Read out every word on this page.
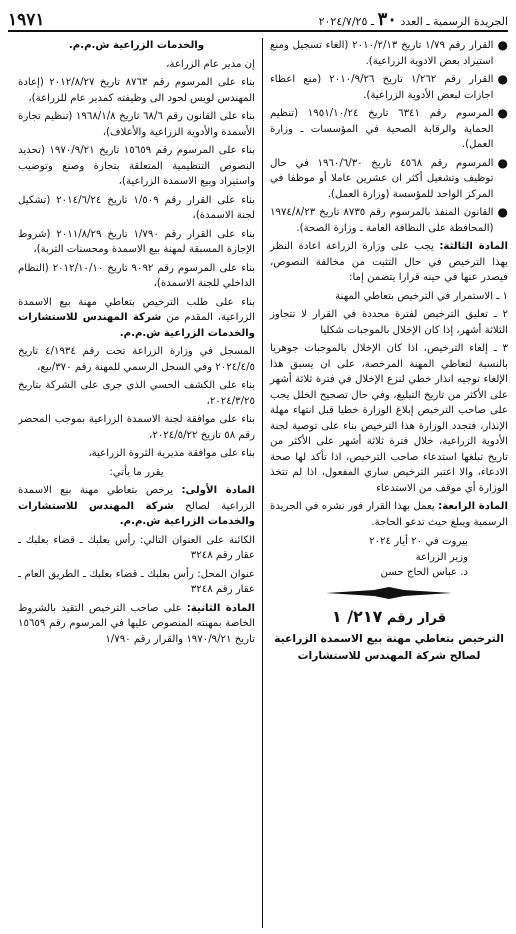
الجريدة الرسمية ـ العدد ٣٠ ـ ٢٠٢٤/٧/٢٥
١٩٧١
●
القرار رقم ١/٧٩ تاريخ ٢٠١٠/٢/١٣ (الغاء تسجيل ومنع استيراد بعض الادوية الزراعية).
●
القرار رقم ١/٢٦٢ تاريخ ٢٠١٠/٩/٢٦ (منع اعطاء اجازات لبعض الأدوية الزراعية).
●
المرسوم رقم ٦٣٤١ تاريخ ١٩٥١/١٠/٢٤ (تنظيم الحماية والرقابة الصحية في المؤسسات ـ وزارة العمل).
●
المرسوم رقم ٤٥٦٨ تاريخ ١٩٦٠/٦/٣٠ في حال توظيف وتشغيل أكثر ان عشرين عاملا أو موظفا في المركز الواحد للمؤسسة (وزارة العمل).
●
القانون المنفذ بالمرسوم رقم ٨٧٣٥ تاريخ ١٩٧٤/٨/٢٣ (المحافظة على النظافة العامة ـ وزارة الصحة).

المادة الثالثة: يجب على وزارة الزراعة اعادة النظر بهذا الترخيص في حال التثبت من مخالفة النصوص، فيصدر عنها في حينه قرارا يتضمن إما:

١ ـ الاستمرار في الترخيص بتعاطي المهنة

٢ ـ تعليق الترخيص لفترة محددة في القرار لا تتجاوز الثلاثة أشهر، إذا كان الإخلال بالموجبات شكليا

٣ ـ إلغاء الترخيص، اذا كان الإخلال بالموجبات جوهريا بالنسبة لتعاطي المهنة المرخصة، على ان يسبق هذا الإلغاء توجيه انذار خطي لنزع الإخلال في فترة ثلاثة أشهر على الأكثر من تاريخ التبليغ، وفي حال تصحيح الخلل يجب على صاحب الترخيص إبلاغ الوزارة خطيا قبل انتهاء مهلة الإنذار، فتجدد الوزارة هذا الترخيص بناء على توصية لجنة الأدوية الزراعية، خلال فترة ثلاثة أشهر على الأكثر من تاريخ تبلغها استدعاء صاحب الترخيص، اذا تأكد لها صحة الادعاء، والا اعتبر الترخيص ساري المفعول، اذا لم تتخذ الوزارة أي موقف من الاستدعاء

المادة الرابعة: يعمل بهذا القرار فور نشره في الجريدة الرسمية ويبلغ حيث تدعو الحاجة.

بيروت في ٢٠ أيار ٢٠٢٤
وزير الزراعة
د. عباس الحاج حسن
قرار رقم ٢١٧/ ١
الترخيص بتعاطي مهنة بيع الاسمدة الزراعية
لصالح شركة المهندس للاستشارات
والخدمات الزراعية ش.م.م.

إن مدير عام الزراعة،

بناء على المرسوم رقم ٨٧٦٣ تاريخ ٢٠١٢/٨/٢٧ (إعادة المهندس لويس لحود الى وظيفته كمدير عام للزراعة)،

بناء على القانون رقم ٦٨/٦ تاريخ ١٩٦٨/١/٨ (تنظيم تجارة الأسمدة والأدوية الزراعية والأعلاف)،

بناء على المرسوم رقم ١٥٦٥٩ تاريخ ١٩٧٠/٩/٢١ (تحديد النصوص التنظيمية المتعلقة بتجارة وصنع وتوضيب واستيراد وبيع الاسمدة الزراعية)،

بناء على القرار رقم ١/٥٠٩ تاريخ ٢٠١٤/٦/٢٤ (تشكيل لجنة الاسمدة)،

بناء على القرار رقم ١/٧٩٠ تاريخ ٢٠١١/٨/٢٩ (شروط الإجازة المسبقة لمهنة بيع الاسمدة ومحسنات التربة)،

بناء على المرسوم رقم ٩٠٩٢ تاريخ ٢٠١٢/١٠/١٠ (النظام الداخلي للجنة الاسمدة)،

بناء على طلب الترخيص بتعاطي مهنة بيع الاسمدة الزراعية، المقدم من شركة المهندس للاستشارات والخدمات الزراعية ش.م.م.

المسجل في وزارة الزراعة تحت رقم ٤/١٩٣٤ تاريخ ٢٠٢٤/٤/٥ وفي السجل الرسمي للمهنة رقم ٣٧٠/بيع،

بناء على الكشف الحسي الذي جرى على الشركة بتاريخ ٢٠٢٤/٣/٢٥،

بناء على موافقة لجنة الاسمدة الزراعية بموجب المحضر رقم ٥٨ تاريخ ٢٠٢٤/٥/٢٢،

بناء على موافقة مديرية الثروة الزراعية،

يقرر ما يأتي:

المادة الأولى: يرخص بتعاطي مهنة بيع الاسمدة الزراعية لصالح شركة المهندس للاستشارات والخدمات الزراعية ش.م.م.

الكائنة على العنوان التالي: رأس بعلبك ـ قضاء بعلبك ـ عقار رقم ٣٢٤٨

عنوان المحل: رأس بعلبك ـ قضاء بعلبك ـ الطريق العام ـ عقار رقم ٣٢٤٨

المادة الثانية: على صاحب الترخيص التقيد بالشروط الخاصة بمهنته المنصوص عليها في المرسوم رقم ١٥٦٥٩ تاريخ ١٩٧٠/٩/٢١ والقرار رقم ١/٧٩٠
